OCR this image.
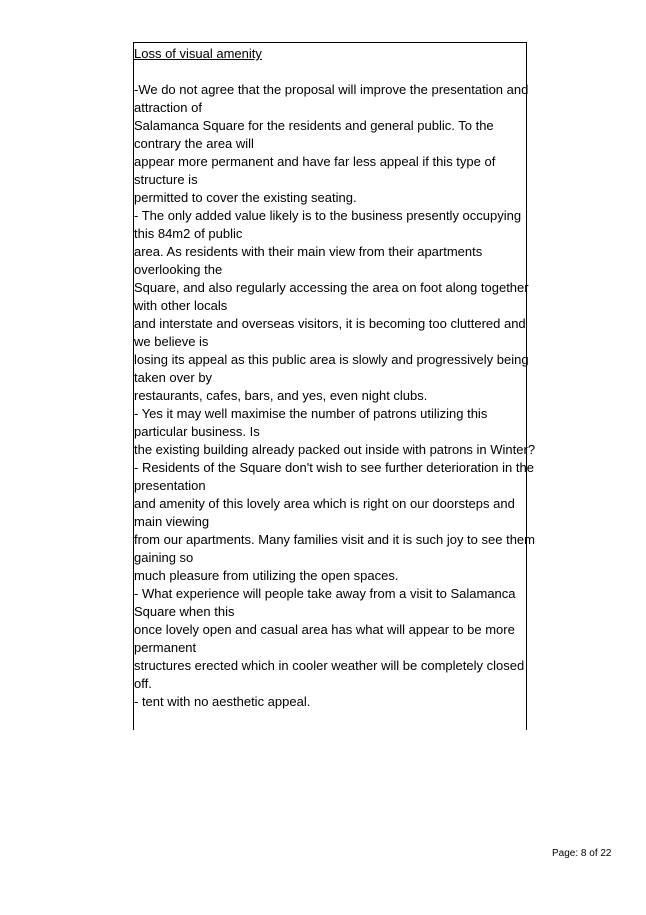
Loss of visual amenity
-We do not agree that the proposal will improve the presentation and
attraction of
Salamanca Square for the residents and general public. To the
contrary the area will
appear more permanent and have far less appeal if this type of
structure is
permitted to cover the existing seating.
- The only added value likely is to the business presently occupying
this 84m2 of public
area. As residents with their main view from their apartments
overlooking the
Square, and also regularly accessing the area on foot along together
with other locals
and interstate and overseas visitors, it is becoming too cluttered and
we believe is
losing its appeal as this public area is slowly and progressively being
taken over by
restaurants, cafes, bars, and yes, even night clubs.
- Yes it may well maximise the number of patrons utilizing this
particular business. Is
the existing building already packed out inside with patrons in Winter?
- Residents of the Square don't wish to see further deterioration in the
presentation
and amenity of this lovely area which is right on our doorsteps and
main viewing
from our apartments. Many families visit and it is such joy to see them
gaining so
much pleasure from utilizing the open spaces.
- What experience will people take away from a visit to Salamanca
Square when this
once lovely open and casual area has what will appear to be more
permanent
structures erected which in cooler weather will be completely closed
off.
- tent with no aesthetic appeal.
Page: 8 of 22
